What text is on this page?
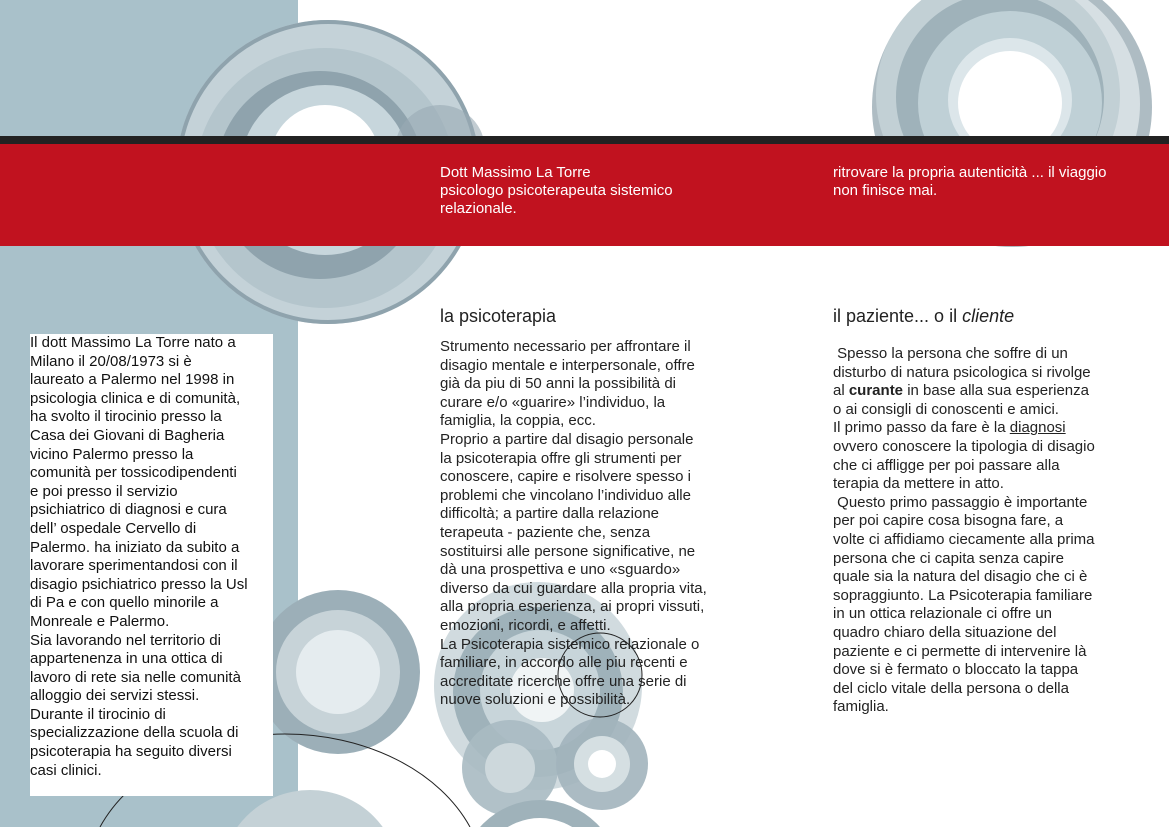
Dott Massimo La Torre
psicologo psicoterapeuta sistemico
relazionale.
ritrovare la propria autenticità ... il viaggio
non finisce mai.
Il dott Massimo La Torre nato a
Milano il 20/08/1973 si è
laureato a Palermo nel 1998 in
psicologia clinica e di comunità,
ha svolto il tirocinio presso la
Casa dei Giovani di Bagheria
vicino Palermo presso la
comunità per tossicodipendenti
e poi presso il servizio
psichiatrico di diagnosi e cura
dell’ ospedale Cervello di
Palermo. ha iniziato da subito a
lavorare sperimentandosi con il
disagio psichiatrico presso la Usl
di Pa e con quello minorile a
Monreale e Palermo.
Sia lavorando nel territorio di
appartenenza in una ottica di
lavoro di rete sia nelle comunità
alloggio dei servizi stessi.
Durante il tirocinio di
specializzazione della scuola di
psicoterapia ha seguito diversi
casi clinici.
la psicoterapia
Strumento necessario per affrontare il
disagio mentale e interpersonale, offre
già da piu di 50 anni la possibilità di
curare e/o «guarire» l’individuo, la
famiglia, la coppia, ecc.
Proprio a partire dal disagio personale
la psicoterapia offre gli strumenti per
conoscere, capire e risolvere spesso i
problemi che vincolano l’individuo alle
difficoltà; a partire dalla relazione
terapeuta - paziente che, senza
sostituirsi alle persone significative, ne
dà una prospettiva e uno «sguardo»
diverso da cui guardare alla propria vita,
alla propria esperienza, ai propri vissuti,
emozioni, ricordi, e affetti.
La Psicoterapia sistemico relazionale o
familiare, in accordo alle piu recenti e
accreditate ricerche offre una serie di
nuove soluzioni e possibilità.
il paziente... o il cliente
Spesso la persona che soffre di un
disturbo di natura psicologica si rivolge
al curante in base alla sua esperienza
o ai consigli di conoscenti e amici.
Il primo passo da fare è la diagnosi
ovvero conoscere la tipologia di disagio
che ci affligge per poi passare alla
terapia da mettere in atto.
Questo primo passaggio è importante
per poi capire cosa bisogna fare, a
volte ci affidiamo ciecamente alla prima
persona che ci capita senza capire
quale sia la natura del disagio che ci è
sopraggiunto. La Psicoterapia familiare
in un ottica relazionale ci offre un
quadro chiaro della situazione del
paziente e ci permette di intervenire là
dove si è fermato o bloccato la tappa
del ciclo vitale della persona o della
famiglia.
